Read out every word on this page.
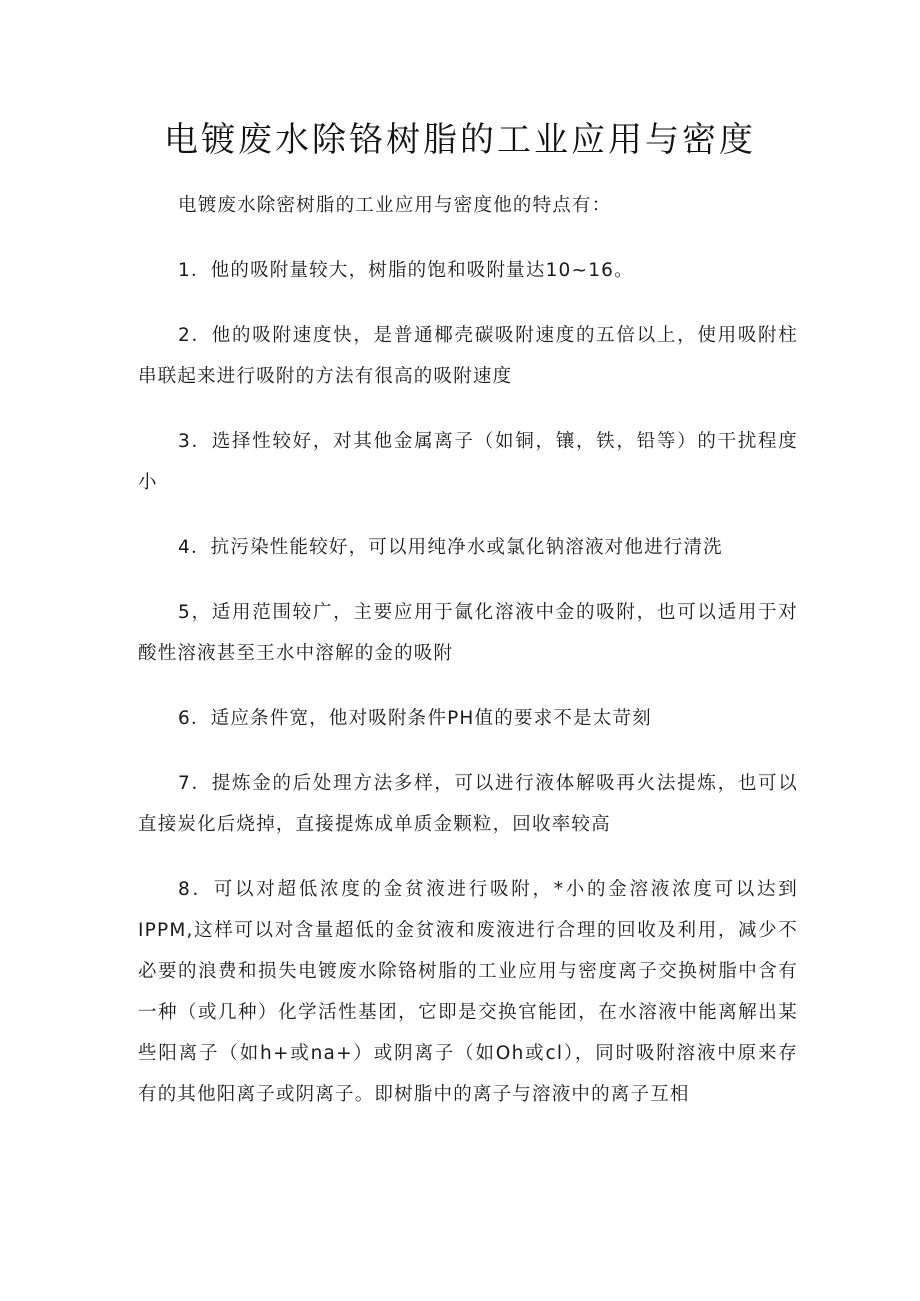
电镀废水除铬树脂的工业应用与密度

电镀废水除密树脂的工业应用与密度他的特点有：

1．他的吸附量较大，树脂的饱和吸附量达10~16。

2．他的吸附速度快，是普通椰壳碳吸附速度的五倍以上，使用吸附柱串联起来进行吸附的方法有很高的吸附速度

3．选择性较好，对其他金属离子（如铜，镶，铁，铅等）的干扰程度小

4．抗污染性能较好，可以用纯净水或氯化钠溶液对他进行清洗

5，适用范围较广，主要应用于氤化溶液中金的吸附，也可以适用于对酸性溶液甚至王水中溶解的金的吸附

6．适应条件宽，他对吸附条件PH值的要求不是太苛刻

7．提炼金的后处理方法多样，可以进行液体解吸再火法提炼，也可以直接炭化后烧掉，直接提炼成单质金颗粒，回收率较高

8．可以对超低浓度的金贫液进行吸附，*小的金溶液浓度可以达到IPPM,这样可以对含量超低的金贫液和废液进行合理的回收及利用，减少不必要的浪费和损失电镀废水除铬树脂的工业应用与密度离子交换树脂中含有一种（或几种）化学活性基团，它即是交换官能团，在水溶液中能离解出某些阳离子（如h+或na+）或阴离子（如Oh或cl），同时吸附溶液中原来存有的其他阳离子或阴离子。即树脂中的离子与溶液中的离子互相
